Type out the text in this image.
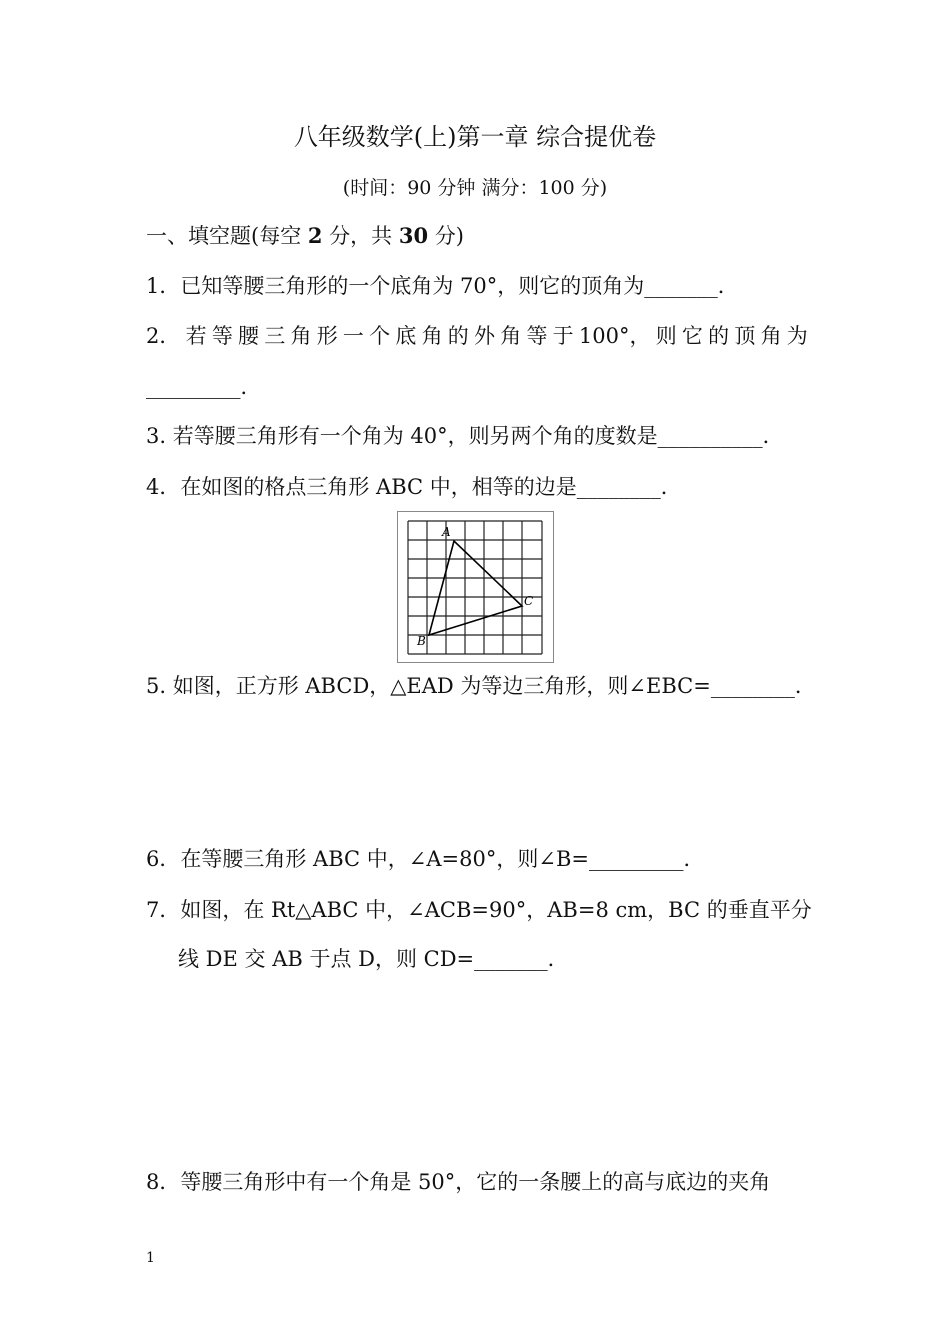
八年级数学(上)第一章 综合提优卷
(时间：90 分钟 满分：100 分)
一、填空题(每空 2 分，共 30 分)
1．已知等腰三角形的一个底角为 70°，则它的顶角为_______．
2． 若 等 腰 三 角 形 一 个 底 角 的 外 角 等 于 100°， 则 它 的 顶 角 为
_________．
3. 若等腰三角形有一个角为 40°，则另两个角的度数是__________．
4．在如图的格点三角形 ABC 中，相等的边是________．
A
B
C
5. 如图，正方形 ABCD，△EAD 为等边三角形，则∠EBC=________．
6．在等腰三角形 ABC 中，∠A=80°，则∠B=_________．
7．如图，在 Rt△ABC 中，∠ACB=90°，AB=8 cm，BC 的垂直平分
线 DE 交 AB 于点 D，则 CD=_______．
8．等腰三角形中有一个角是 50°，它的一条腰上的高与底边的夹角
1
